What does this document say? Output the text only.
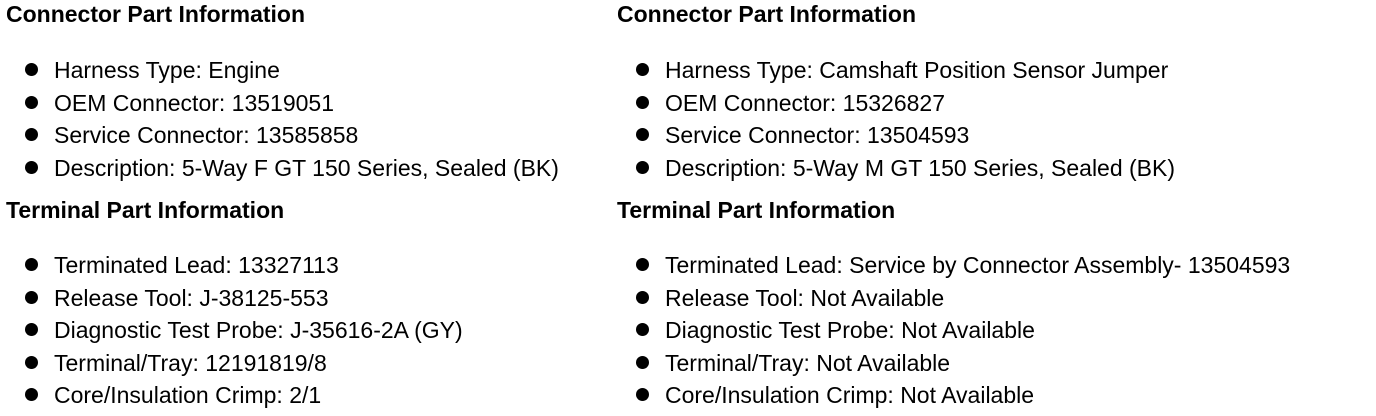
Connector Part Information
Harness Type: Engine
OEM Connector: 13519051
Service Connector: 13585858
Description: 5-Way F GT 150 Series, Sealed (BK)
Terminal Part Information
Terminated Lead: 13327113
Release Tool: J-38125-553
Diagnostic Test Probe: J-35616-2A (GY)
Terminal/Tray: 12191819/8
Core/Insulation Crimp: 2/1
Connector Part Information
Harness Type: Camshaft Position Sensor Jumper
OEM Connector: 15326827
Service Connector: 13504593
Description: 5-Way M GT 150 Series, Sealed (BK)
Terminal Part Information
Terminated Lead: Service by Connector Assembly- 13504593
Release Tool: Not Available
Diagnostic Test Probe: Not Available
Terminal/Tray: Not Available
Core/Insulation Crimp: Not Available
